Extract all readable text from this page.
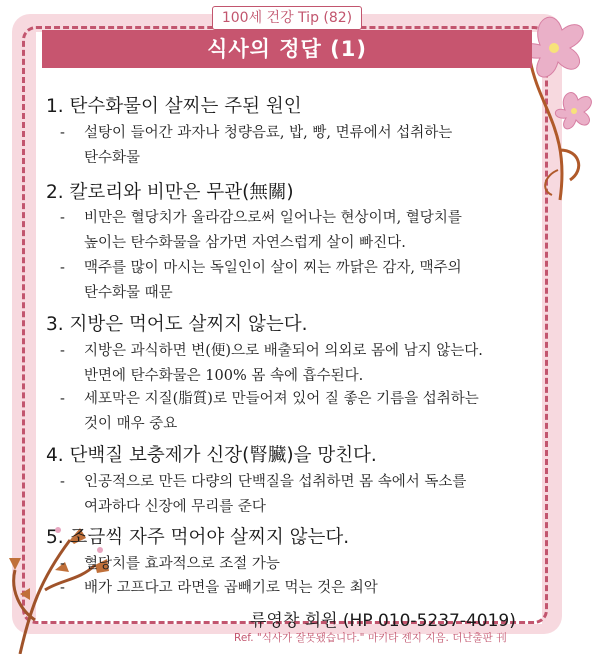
100세 건강 Tip (82)
식사의 정답 (1)
1. 탄수화물이 살찌는 주된 원인
- 설탕이 들어간 과자나 청량음료, 밥, 빵, 면류에서 섭취하는
탄수화물
2. 칼로리와 비만은 무관(無關)
- 비만은 혈당치가 올라감으로써 일어나는 현상이며, 혈당치를
높이는 탄수화물을 삼가면 자연스럽게 살이 빠진다.
- 맥주를 많이 마시는 독일인이 살이 찌는 까닭은 감자, 맥주의
탄수화물 때문
3. 지방은 먹어도 살찌지 않는다.
- 지방은 과식하면 변(便)으로 배출되어 의외로 몸에 남지 않는다.
반면에 탄수화물은 100% 몸 속에 흡수된다.
- 세포막은 지질(脂質)로 만들어져 있어 질 좋은 기름을 섭취하는
것이 매우 중요
4. 단백질 보충제가 신장(腎臟)을 망친다.
- 인공적으로 만든 다량의 단백질을 섭취하면 몸 속에서 독소를
여과하다 신장에 무리를 준다
5. 조금씩 자주 먹어야 살찌지 않는다.
- 혈당치를 효과적으로 조절 가능
- 배가 고프다고 라면을 곱빼기로 먹는 것은 최악
류영창 회원 (HP 010-5237-4019)
Ref. "식사가 잘못됐습니다." 마키타 젠지 지음. 더난출판 刊
